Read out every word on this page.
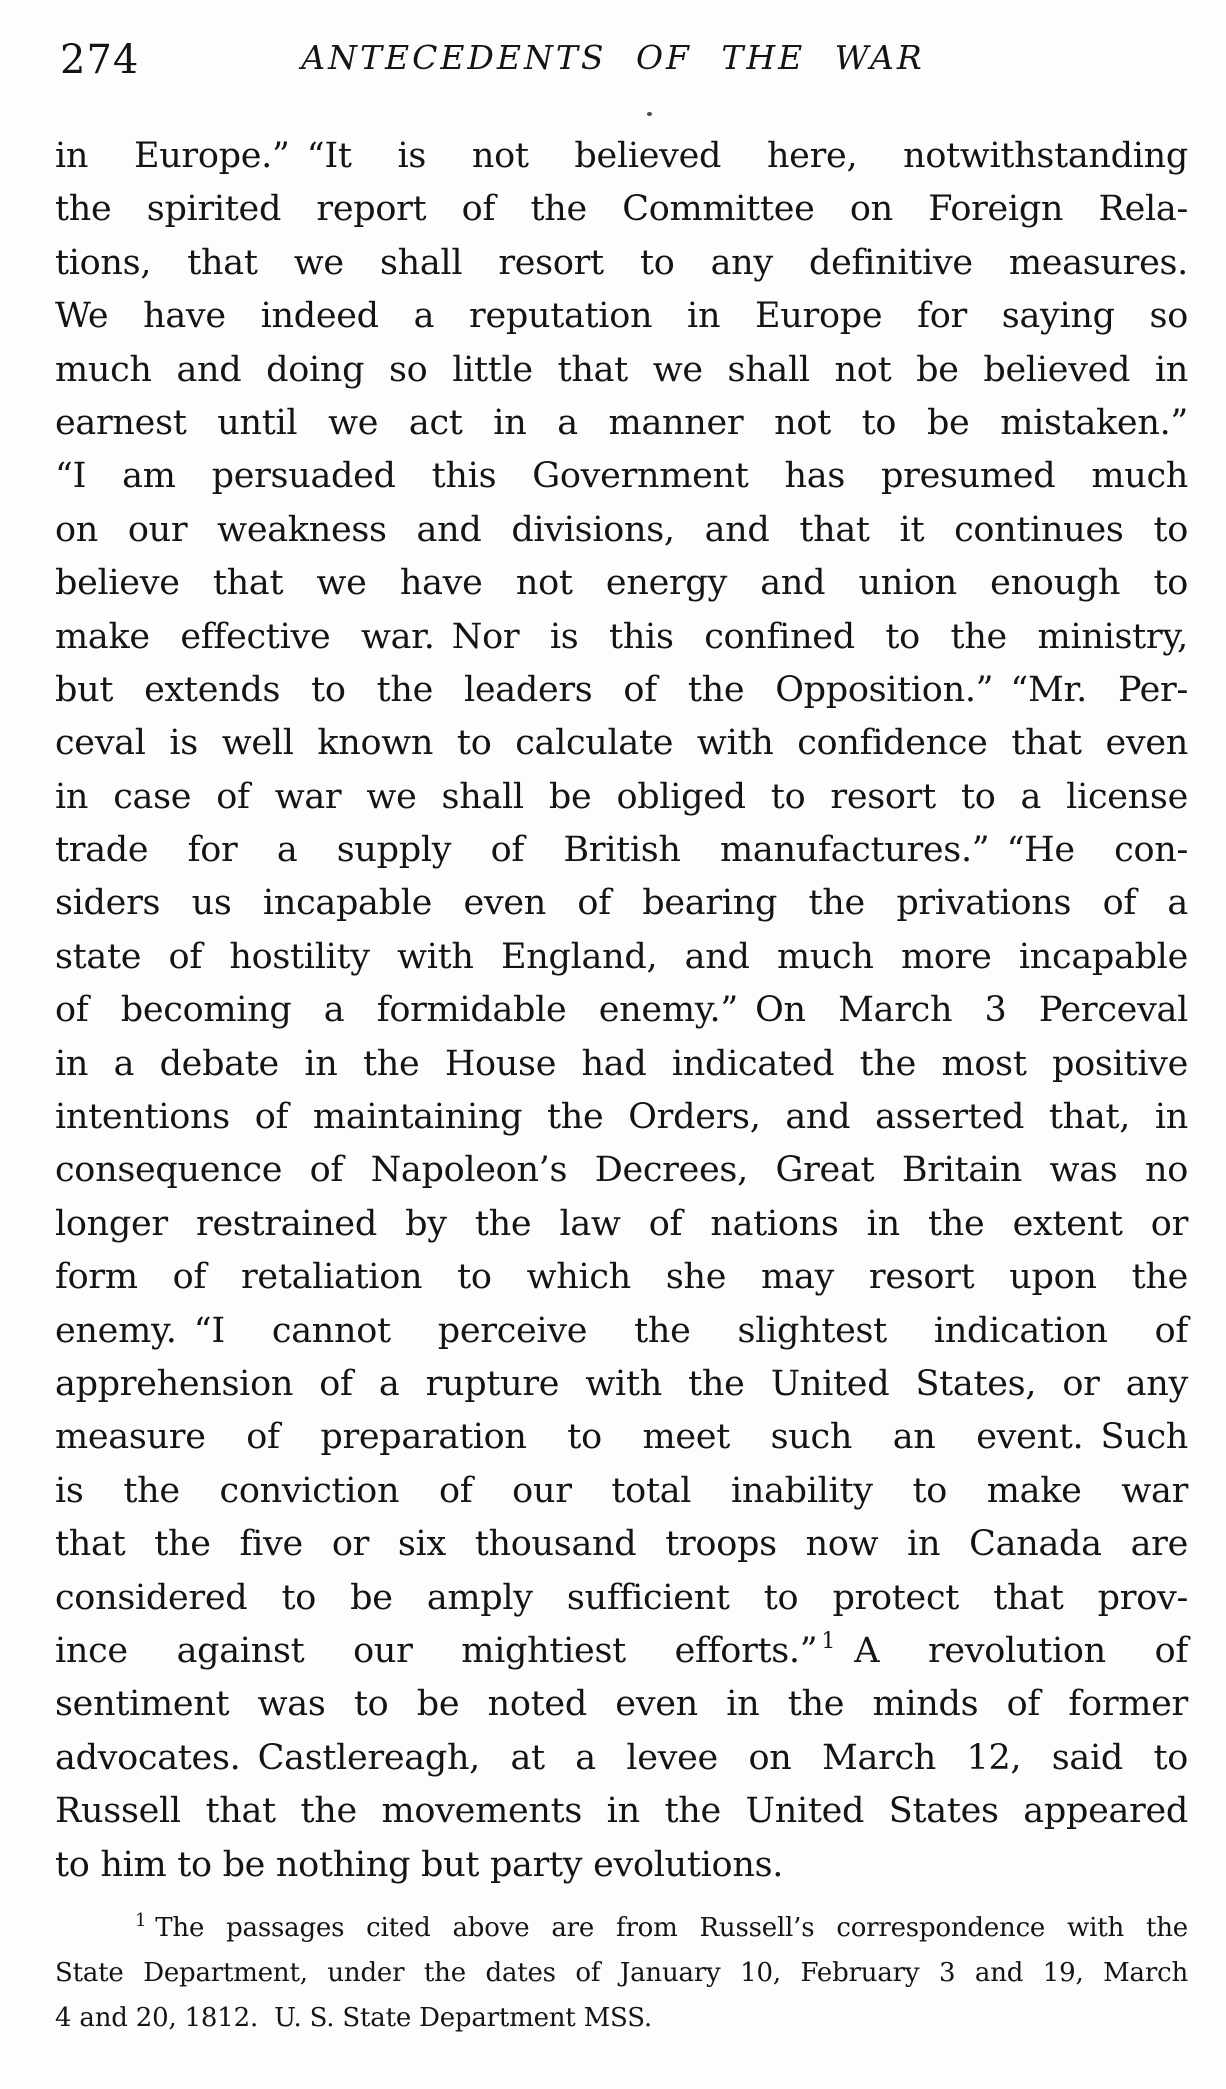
274	ANTECEDENTS OF THE WAR
in Europe.” “It is not believed here, notwithstanding
the spirited report of the Committee on Foreign Rela-
tions, that we shall resort to any definitive measures.
We have indeed a reputation in Europe for saying so
much and doing so little that we shall not be believed in
earnest until we act in a manner not to be mistaken.”
“I am persuaded this Government has presumed much
on our weakness and divisions, and that it continues to
believe that we have not energy and union enough to
make effective war. Nor is this confined to the ministry,
but extends to the leaders of the Opposition.” “Mr. Per-
ceval is well known to calculate with confidence that even
in case of war we shall be obliged to resort to a license
trade for a supply of British manufactures.” “He con-
siders us incapable even of bearing the privations of a
state of hostility with England, and much more incapable
of becoming a formidable enemy.” On March 3 Perceval
in a debate in the House had indicated the most positive
intentions of maintaining the Orders, and asserted that, in
consequence of Napoleon’s Decrees, Great Britain was no
longer restrained by the law of nations in the extent or
form of retaliation to which she may resort upon the
enemy. “I cannot perceive the slightest indication of
apprehension of a rupture with the United States, or any
measure of preparation to meet such an event. Such
is the conviction of our total inability to make war
that the five or six thousand troops now in Canada are
considered to be amply sufficient to protect that prov-
ince against our mightiest efforts.” 1 A revolution of
sentiment was to be noted even in the minds of former
advocates. Castlereagh, at a levee on March 12, said to
Russell that the movements in the United States appeared
to him to be nothing but party evolutions.
1 The passages cited above are from Russell’s correspondence with the
State Department, under the dates of January 10, February 3 and 19, March
4 and 20, 1812.  U. S. State Department MSS.
